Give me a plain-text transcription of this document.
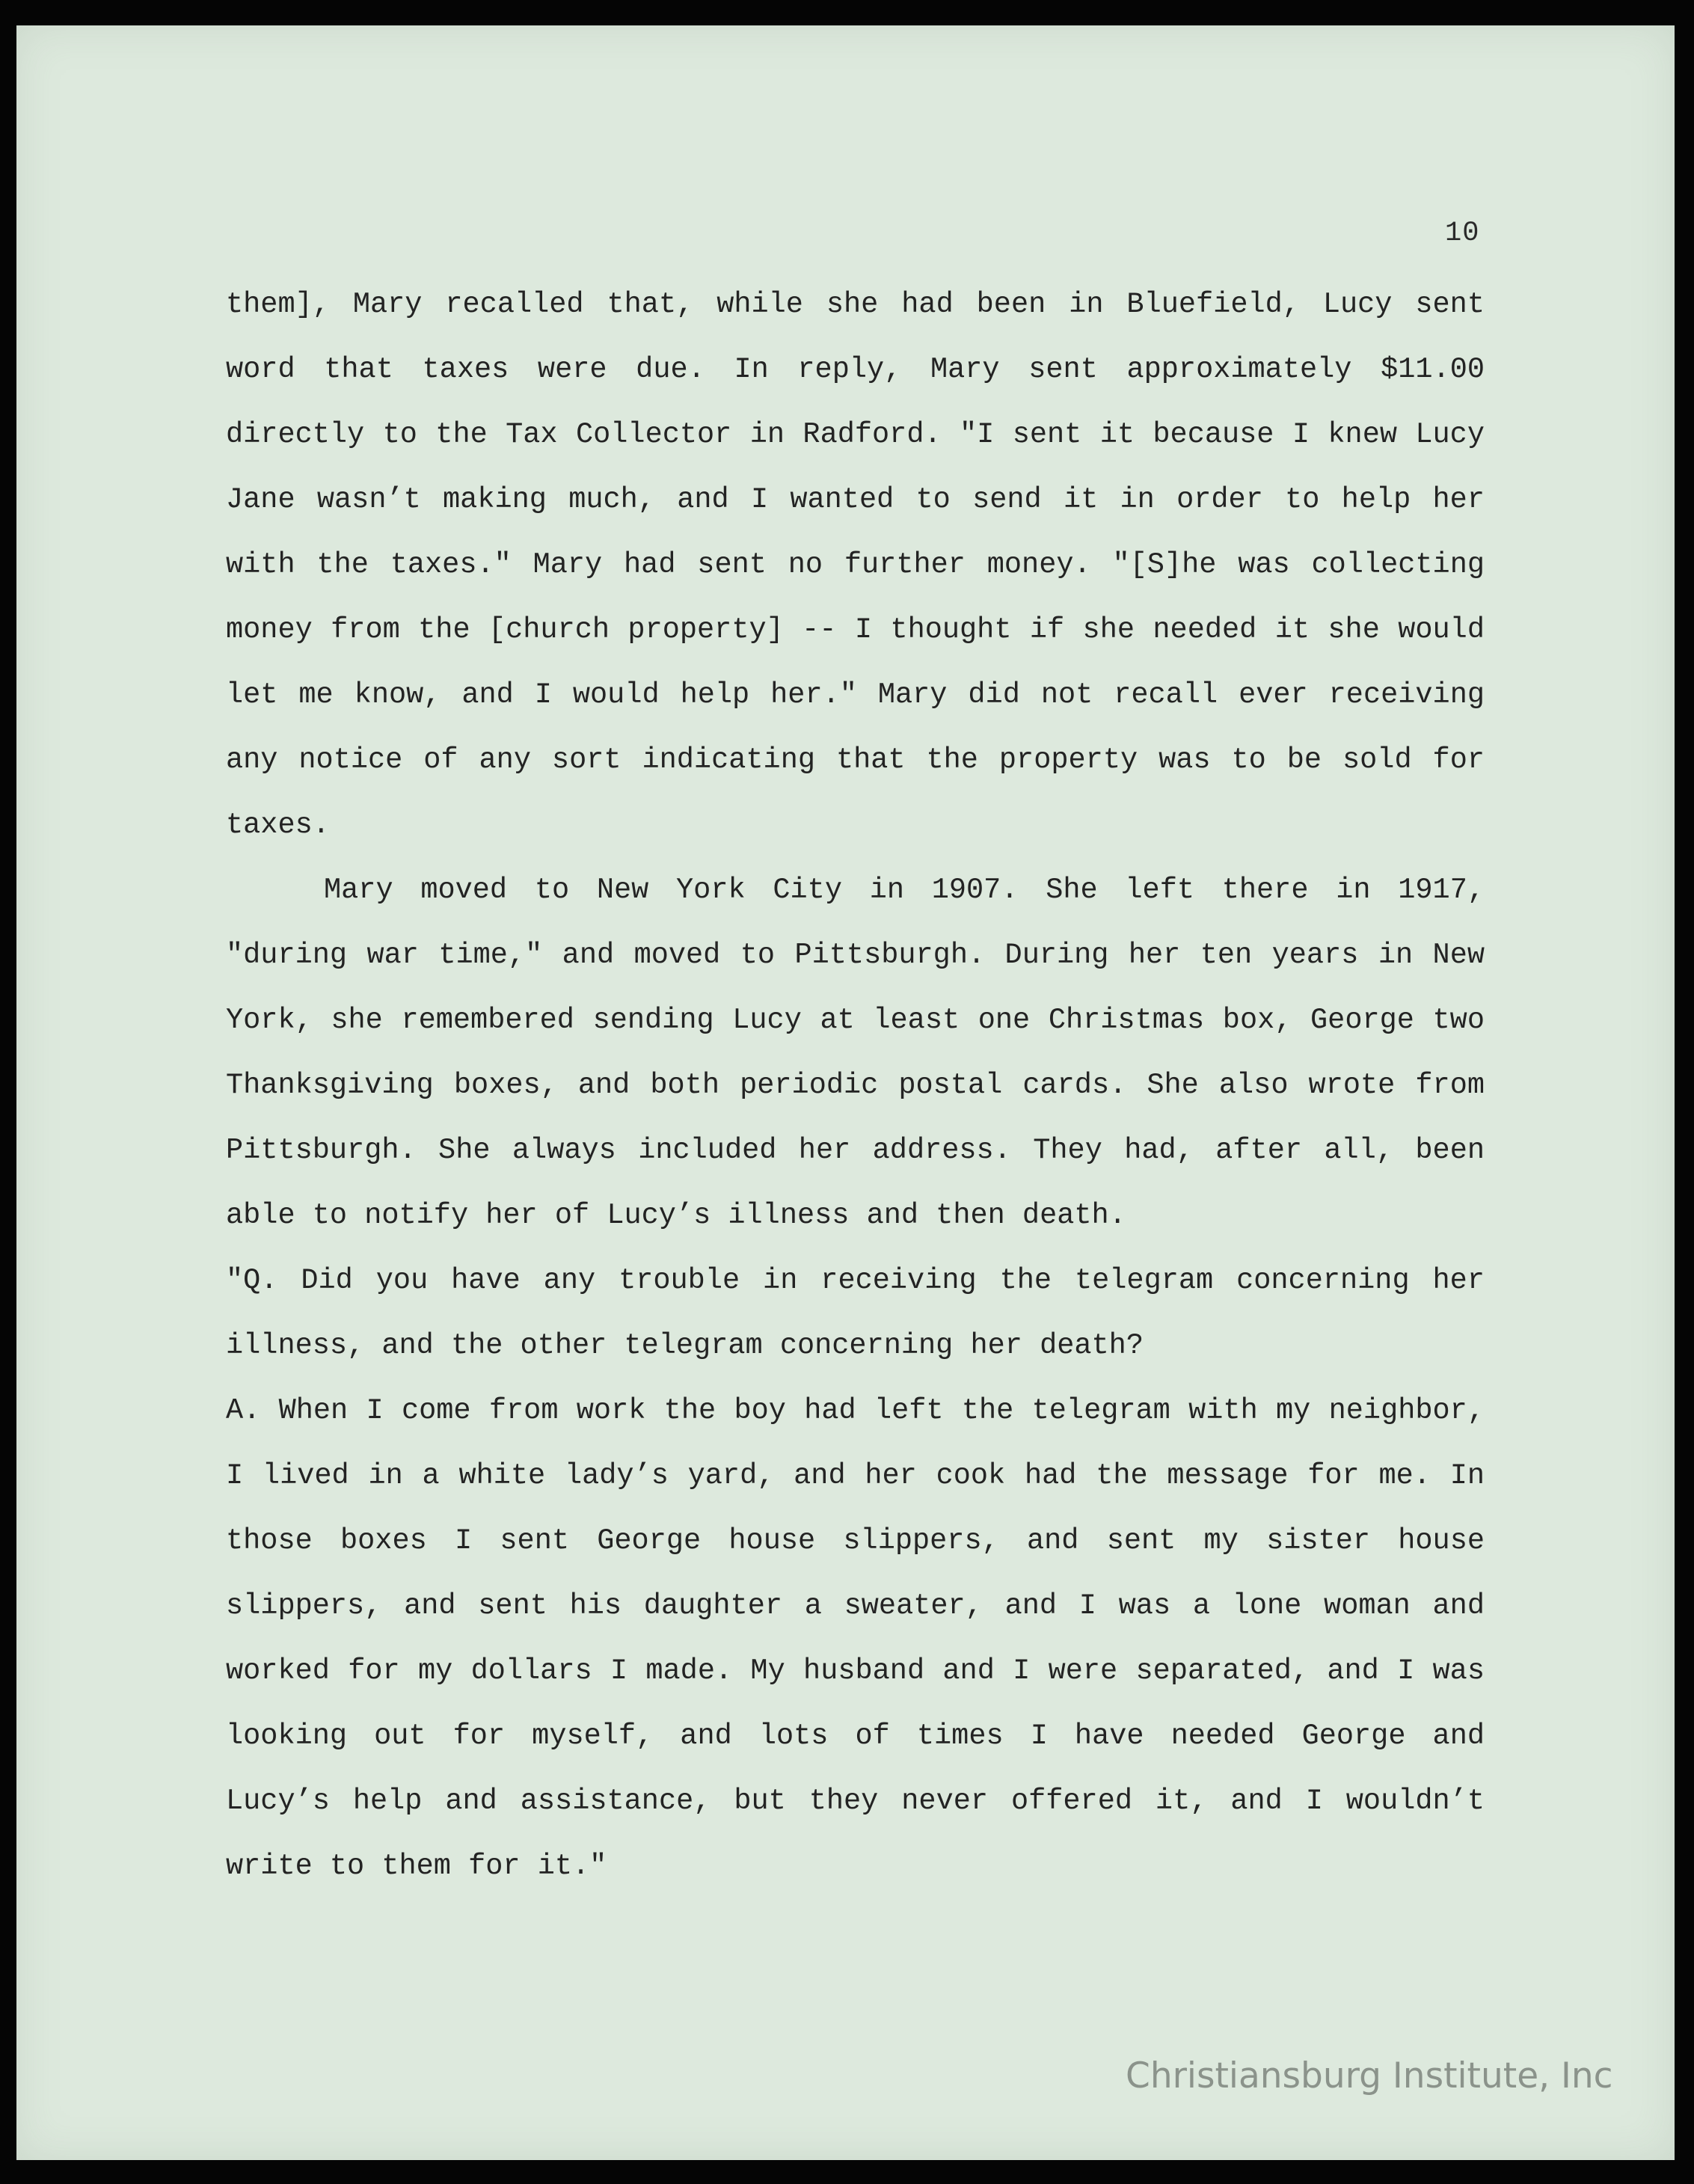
10

them], Mary recalled that, while she had been in Bluefield, Lucy sent word that taxes were due. In reply, Mary sent approximately $11.00 directly to the Tax Collector in Radford. "I sent it because I knew Lucy Jane wasn’t making much, and I wanted to send it in order to help her with the taxes." Mary had sent no further money. "[S]he was collecting money from the [church property] -- I thought if she needed it she would let me know, and I would help her." Mary did not recall ever receiving any notice of any sort indicating that the property was to be sold for taxes.

Mary moved to New York City in 1907. She left there in 1917, "during war time," and moved to Pittsburgh. During her ten years in New York, she remembered sending Lucy at least one Christmas box, George two Thanksgiving boxes, and both periodic postal cards. She also wrote from Pittsburgh. She always included her address. They had, after all, been able to notify her of Lucy’s illness and then death.

"Q. Did you have any trouble in receiving the telegram concerning her illness, and the other telegram concerning her death?

A. When I come from work the boy had left the telegram with my neighbor, I lived in a white lady’s yard, and her cook had the message for me. In those boxes I sent George house slippers, and sent my sister house slippers, and sent his daughter a sweater, and I was a lone woman and worked for my dollars I made. My husband and I were separated, and I was looking out for myself, and lots of times I have needed George and Lucy’s help and assistance, but they never offered it, and I wouldn’t write to them for it."

Christiansburg Institute, Inc
